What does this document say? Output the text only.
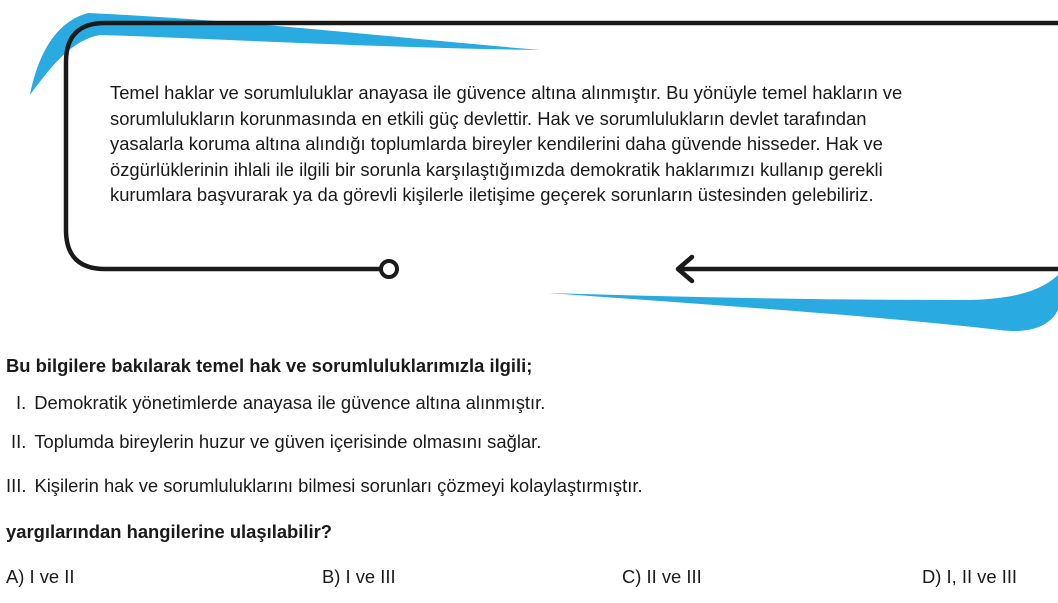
Temel haklar ve sorumluluklar anayasa ile güvence altına alınmıştır. Bu yönüyle temel hakların ve
sorumlulukların korunmasında en etkili güç devlettir. Hak ve sorumlulukların devlet tarafından
yasalarla koruma altına alındığı toplumlarda bireyler kendilerini daha güvende hisseder. Hak ve
özgürlüklerinin ihlali ile ilgili bir sorunla karşılaştığımızda demokratik haklarımızı kullanıp gerekli
kurumlara başvurarak ya da görevli kişilerle iletişime geçerek sorunların üstesinden gelebiliriz.
Bu bilgilere bakılarak temel hak ve sorumluluklarımızla ilgili;
I. Demokratik yönetimlerde anayasa ile güvence altına alınmıştır.
II. Toplumda bireylerin huzur ve güven içerisinde olmasını sağlar.
III. Kişilerin hak ve sorumluluklarını bilmesi sorunları çözmeyi kolaylaştırmıştır.
yargılarından hangilerine ulaşılabilir?
A) I ve II	B) I ve III	C) II ve III	D) I, II ve III
